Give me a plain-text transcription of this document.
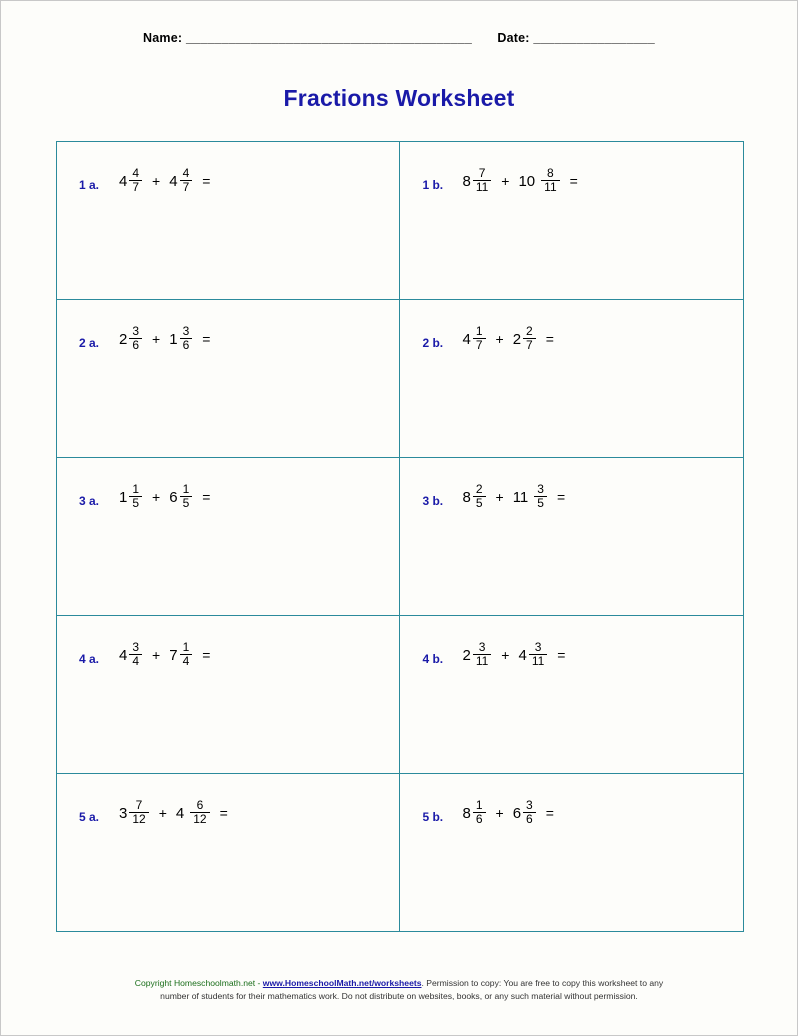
Name: ________________________________________ Date: _________________
Fractions Worksheet
1 a.	$4 \frac{4}{7} + 4 \frac{4}{7}$ =	1 b.	$8 \frac{7}{11} + 10 \frac{8}{11}$ =

2 a.	$2 \frac{3}{6} + 1 \frac{3}{6}$ =	2 b.	$4 \frac{1}{7} + 2 \frac{2}{7}$ =

3 a.	$1 \frac{1}{5} + 6 \frac{1}{5}$ =	3 b.	$8 \frac{2}{5} + 11 \frac{3}{5}$ =

4 a.	$4 \frac{3}{4} + 7 \frac{1}{4}$ =	4 b.	$2 \frac{3}{11} + 4 \frac{3}{11}$ =

5 a.	$3 \frac{7}{12} + 4 \frac{6}{12}$ =	5 b.	$8 \frac{1}{6} + 6 \frac{3}{6}$ =
Copyright Homeschoolmath.net - www.HomeschoolMath.net/worksheets. Permission to copy: You are free to copy this worksheet to any
number of students for their mathematics work. Do not distribute on websites, books, or any such material without permission.
